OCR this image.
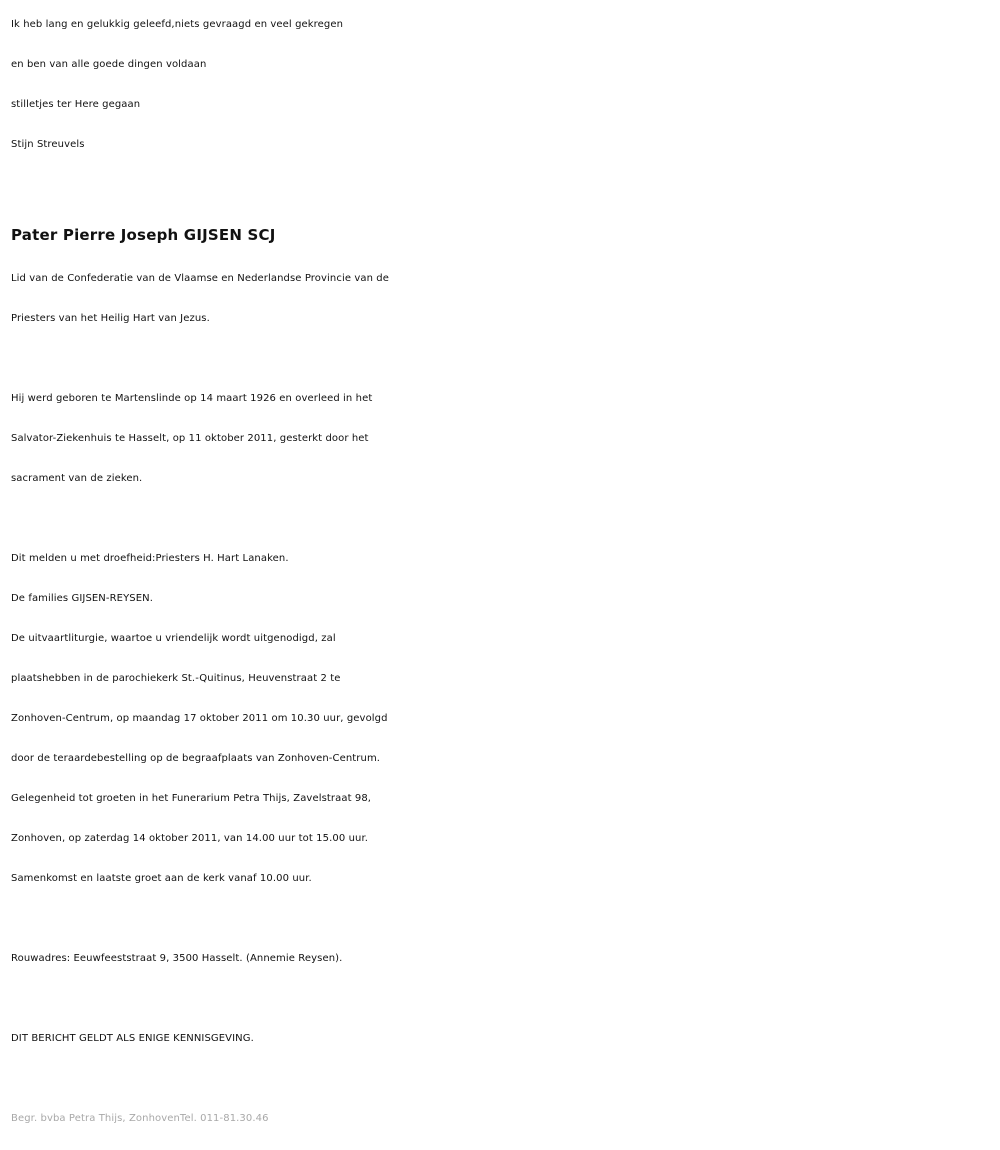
Ik heb lang en gelukkig geleefd,niets gevraagd en veel gekregen
en ben van alle goede dingen voldaan
stilletjes ter Here gegaan
Stijn Streuvels
Pater Pierre Joseph GIJSEN SCJ
Lid van de Confederatie van de Vlaamse en Nederlandse Provincie van de
Priesters van het Heilig Hart van Jezus.
Hij werd geboren te Martenslinde op 14 maart 1926 en overleed in het
Salvator-Ziekenhuis te Hasselt, op 11 oktober 2011, gesterkt door het
sacrament van de zieken.
Dit melden u met droefheid:Priesters H. Hart Lanaken.
De families GIJSEN-REYSEN.
De uitvaartliturgie, waartoe u vriendelijk wordt uitgenodigd, zal
plaatshebben in de parochiekerk St.-Quitinus, Heuvenstraat 2 te
Zonhoven-Centrum, op maandag 17 oktober 2011 om 10.30 uur, gevolgd
door de teraardebestelling op de begraafplaats van Zonhoven-Centrum.
Gelegenheid tot groeten in het Funerarium Petra Thijs, Zavelstraat 98,
Zonhoven, op zaterdag 14 oktober 2011, van 14.00 uur tot 15.00 uur.
Samenkomst en laatste groet aan de kerk vanaf 10.00 uur.
Rouwadres: Eeuwfeeststraat 9, 3500 Hasselt. (Annemie Reysen).
DIT BERICHT GELDT ALS ENIGE KENNISGEVING.
Begr. bvba Petra Thijs, ZonhovenTel. 011-81.30.46
